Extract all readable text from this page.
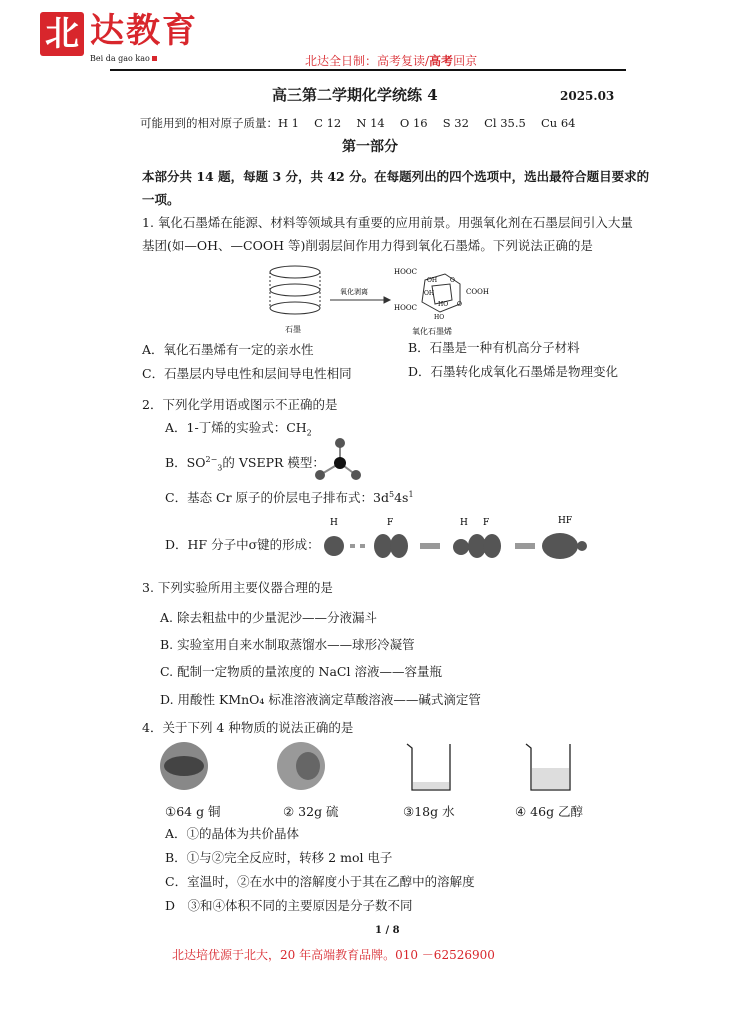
北 达教育
Bei da gao kao	北达全日制：高考复读/高考回京
高三第二学期化学统练 4	2025.03
可能用到的相对原子质量：H 1　 C 12　 N 14　 O 16　 S 32　 Cl 35.5　 Cu 64
第一部分
本部分共 14 题，每题 3 分，共 42 分。在每题列出的四个选项中，选出最符合题目要求的
一项。
1. 氧化石墨烯在能源、材料等领域具有重要的应用前景。用强氧化剂在石墨层间引入大量
基团(如—OH、—COOH 等)削弱层间作用力得到氧化石墨烯。下列说法正确的是
氧化剥离
HOOC
COOH
HOOC
HO
OH O
OH
HO O
石墨	氧化石墨烯
A．氧化石墨烯有一定的亲水性	B．石墨是一种有机高分子材料
C．石墨层内导电性和层间导电性相同	D．石墨转化成氧化石墨烯是物理变化
2．下列化学用语或图示不正确的是
A．1-丁烯的实验式：$CH_2$
B．$SO^{2-}_3$的 VSEPR 模型：
C．基态 Cr 原子的价层电子排布式：$3d^54s^1$
D．HF 分子中σ键的形成：
H	F	H F	HF
3. 下列实验所用主要仪器合理的是
A. 除去粗盐中的少量泥沙——分液漏斗
B. 实验室用自来水制取蒸馏水——球形冷凝管
C. 配制一定物质的量浓度的 NaCl 溶液——容量瓶
D. 用酸性 KMnO₄ 标准溶液滴定草酸溶液——碱式滴定管
4．关于下列 4 种物质的说法正确的是
①64 g 铜	② 32g 硫	③18g 水	④ 46g 乙醇
A．①的晶体为共价晶体
B．①与②完全反应时，转移 2 mol 电子
C．室温时，②在水中的溶解度小于其在乙醇中的溶解度
D　③和④体积不同的主要原因是分子数不同
1 / 8
北达培优源于北大，20 年高端教育品牌。010 －62526900
